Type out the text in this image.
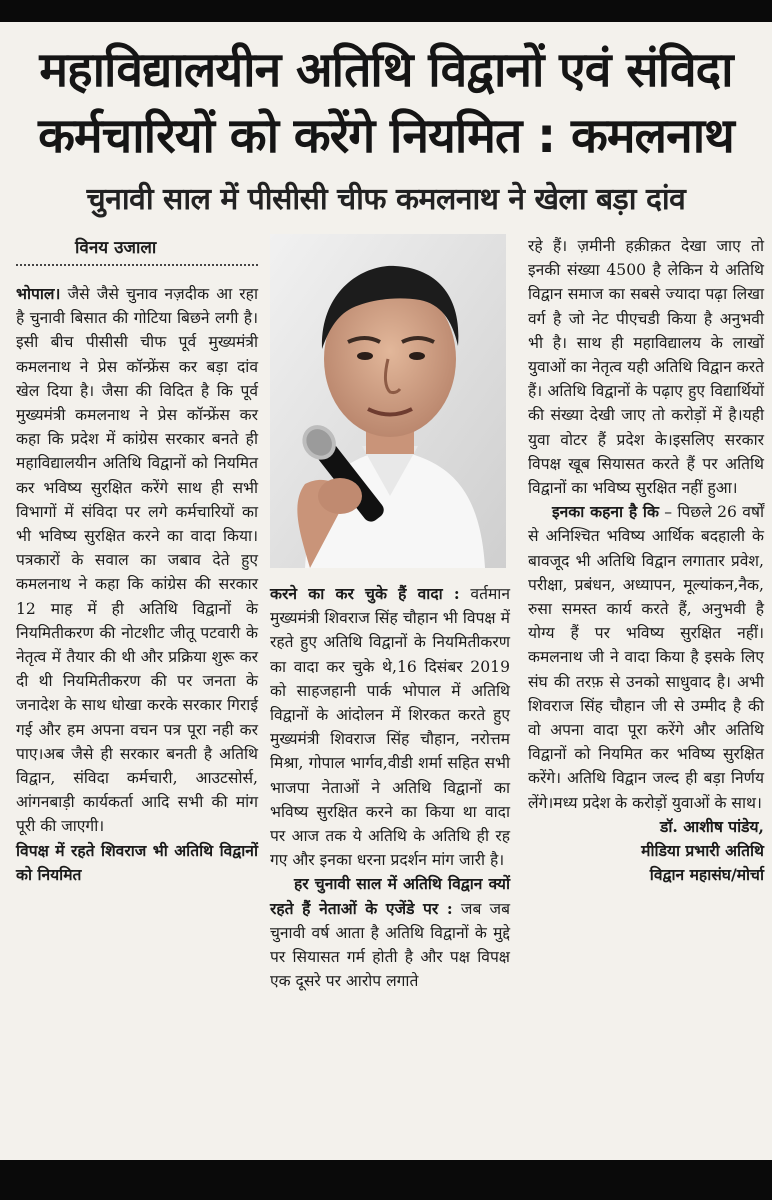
महाविद्यालयीन अतिथि विद्वानों एवं संविदा
कर्मचारियों को करेंगे नियमित : कमलनाथ
चुनावी साल में पीसीसी चीफ कमलनाथ ने खेला बड़ा दांव
विनय उजाला

भोपाल। जैसे जैसे चुनाव नज़दीक आ रहा है चुनावी बिसात की गोटिया बिछने लगी है। इसी बीच पीसीसी चीफ पूर्व मुख्यमंत्री कमलनाथ ने प्रेस कॉन्फ्रेंस कर बड़ा दांव खेल दिया है। जैसा की विदित है कि पूर्व मुख्यमंत्री कमलनाथ ने प्रेस कॉन्फ्रेंस कर कहा कि प्रदेश में कांग्रेस सरकार बनते ही महाविद्यालयीन अतिथि विद्वानों को नियमित कर भविष्य सुरक्षित करेंगे साथ ही सभी विभागों में संविदा पर लगे कर्मचारियों का भी भविष्य सुरक्षित करने का वादा किया। पत्रकारों के सवाल का जबाव देते हुए कमलनाथ ने कहा कि कांग्रेस की सरकार 12 माह में ही अतिथि विद्वानों के नियमितीकरण की नोटशीट जीतू पटवारी के नेतृत्व में तैयार की थी और प्रक्रिया शुरू कर दी थी नियमितीकरण की पर जनता के जनादेश के साथ धोखा करके सरकार गिराई गई और हम अपना वचन पत्र पूरा नही कर पाए।अब जैसे ही सरकार बनती है अतिथि विद्वान, संविदा कर्मचारी, आउटसोर्स, आंगनबाड़ी कार्यकर्ता आदि सभी की मांग पूरी की जाएगी।

विपक्ष में रहते शिवराज भी अतिथि विद्वानों को नियमित

करने का कर चुके हैं वादा : वर्तमान मुख्यमंत्री शिवराज सिंह चौहान भी विपक्ष में रहते हुए अतिथि विद्वानों के नियमितीकरण का वादा कर चुके थे,16 दिसंबर 2019 को साहजहानी पार्क भोपाल में अतिथि विद्वानों के आंदोलन में शिरकत करते हुए मुख्यमंत्री शिवराज सिंह चौहान, नरोत्तम मिश्रा, गोपाल भार्गव,वीडी शर्मा सहित सभी भाजपा नेताओं ने अतिथि विद्वानों का भविष्य सुरक्षित करने का किया था वादा पर आज तक ये अतिथि के अतिथि ही रह गए और इनका धरना प्रदर्शन मांग जारी है।

हर चुनावी साल में अतिथि विद्वान क्यों रहते हैं नेताओं के एजेंडे पर : जब जब चुनावी वर्ष आता है अतिथि विद्वानों के मुद्दे पर सियासत गर्म होती है और पक्ष विपक्ष एक दूसरे पर आरोप लगाते

रहे हैं। ज़मीनी हक़ीक़त देखा जाए तो इनकी संख्या 4500 है लेकिन ये अतिथि विद्वान समाज का सबसे ज्यादा पढ़ा लिखा वर्ग है जो नेट पीएचडी किया है अनुभवी भी है। साथ ही महाविद्यालय के लाखों युवाओं का नेतृत्व यही अतिथि विद्वान करते हैं। अतिथि विद्वानों के पढ़ाए हुए विद्यार्थियों की संख्या देखी जाए तो करोड़ों में है।यही युवा वोटर हैं प्रदेश के।इसलिए सरकार विपक्ष खूब सियासत करते हैं पर अतिथि विद्वानों का भविष्य सुरक्षित नहीं हुआ।

इनका कहना है कि – पिछले 26 वर्षों से अनिश्चित भविष्य आर्थिक बदहाली के बावजूद भी अतिथि विद्वान लगातार प्रवेश, परीक्षा, प्रबंधन, अध्यापन, मूल्यांकन,नैक, रुसा समस्त कार्य करते हैं, अनुभवी है योग्य हैं पर भविष्य सुरक्षित नहीं। कमलनाथ जी ने वादा किया है इसके लिए संघ की तरफ़ से उनको साधुवाद है। अभी शिवराज सिंह चौहान जी से उम्मीद है की वो अपना वादा पूरा करेंगे और अतिथि विद्वानों को नियमित कर भविष्य सुरक्षित करेंगे। अतिथि विद्वान जल्द ही बड़ा निर्णय लेंगे।मध्य प्रदेश के करोड़ों युवाओं के साथ।

डॉ. आशीष पांडेय,

मीडिया प्रभारी अतिथि

विद्वान महासंघ/मोर्चा
